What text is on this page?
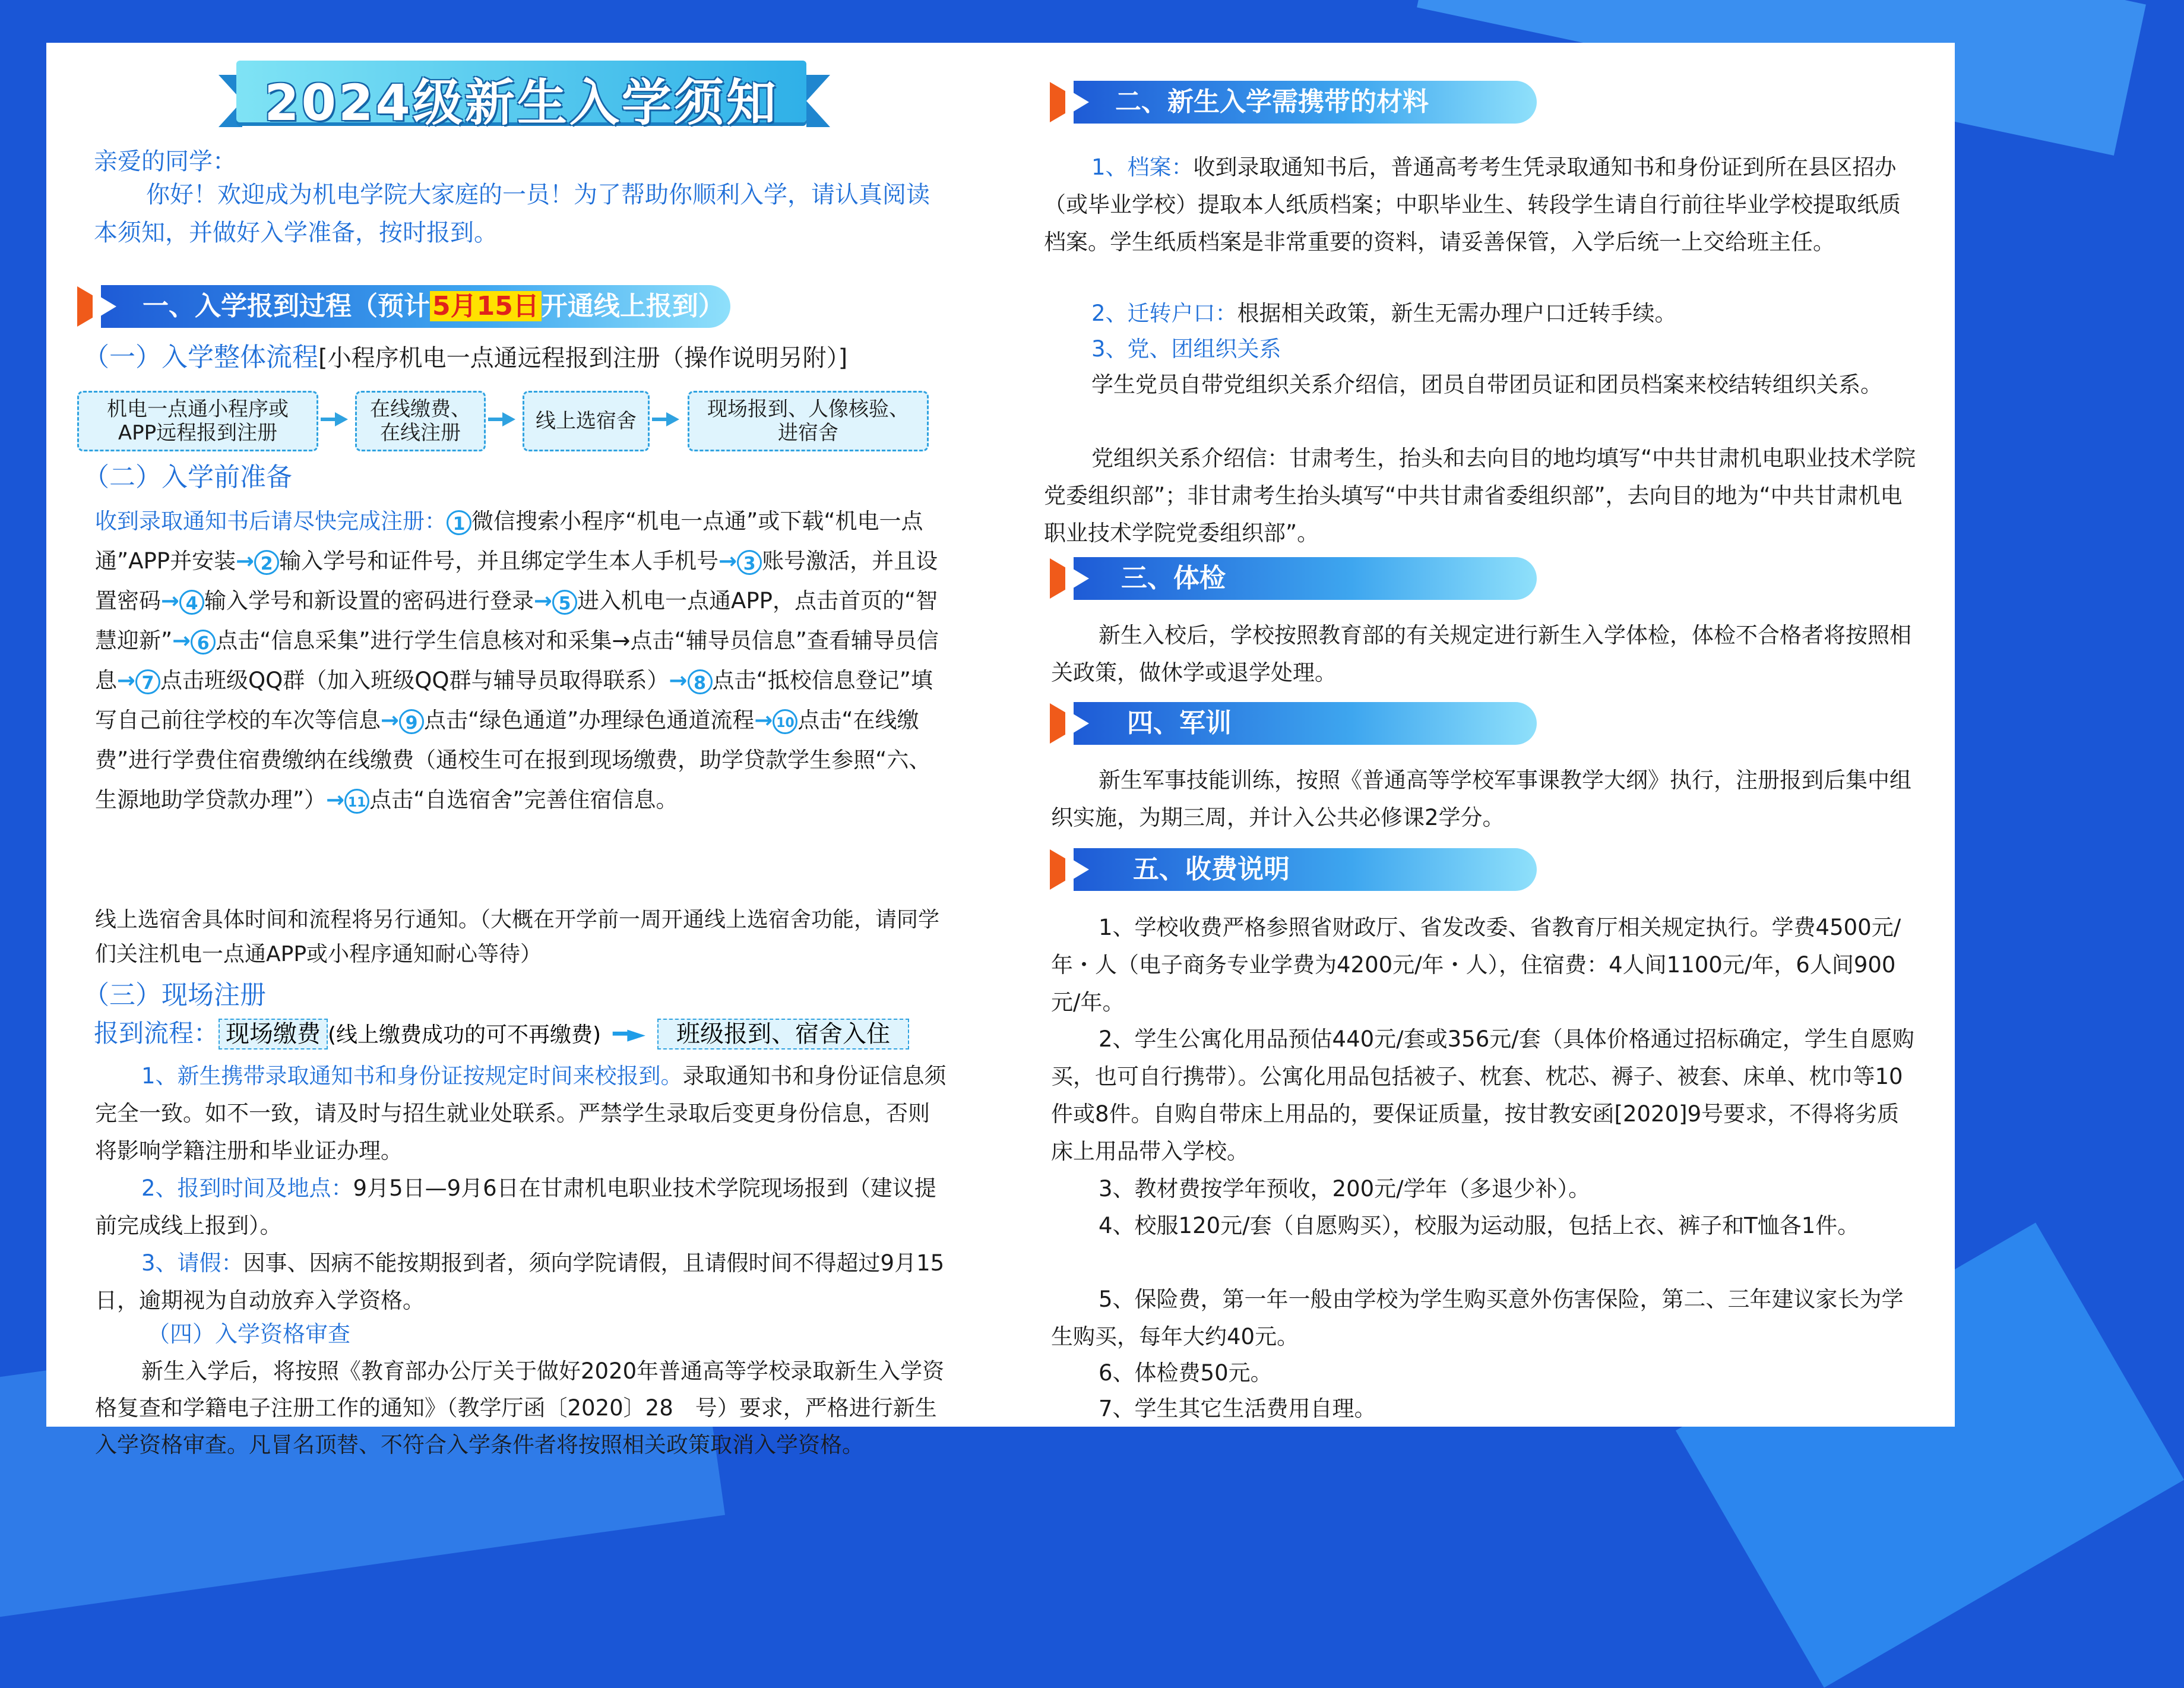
2024级新生入学须知
亲爱的同学：
你好！欢迎成为机电学院大家庭的一员！为了帮助你顺利入学，请认真阅读本须知，并做好入学准备，按时报到。
一、入学报到过程（预计5月15日开通线上报到）
（一）入学整体流程[小程序机电一点通远程报到注册（操作说明另附）]
机电一点通小程序或
APP远程报到注册
在线缴费、
在线注册	线上选宿舍	现场报到、人像核验、
进宿舍
（二）入学前准备
收到录取通知书后请尽快完成注册： 1 微信搜索小程序“机电一点通”或下载“机电一点通”APP并安装→ 2 输入学号和证件号，并且绑定学生本人手机号→ 3 账号激活，并且设置密码→ 4 输入学号和新设置的密码进行登录→ 5 进入机电一点通APP，点击首页的“智慧迎新”→ 6 点击“信息采集”进行学生信息核对和采集→点击“辅导员信息”查看辅导员信息→ 7 点击班级QQ群（加入班级QQ群与辅导员取得联系）→ 8 点击“抵校信息登记”填写自己前往学校的车次等信息→ 9 点击“绿色通道”办理绿色通道流程→ 10 点击“在线缴费”进行学费住宿费缴纳在线缴费（通校生可在报到现场缴费，助学贷款学生参照“六、生源地助学贷款办理”）→ 11 点击“自选宿舍”完善住宿信息。
线上选宿舍具体时间和流程将另行通知。（大概在开学前一周开通线上选宿舍功能，请同学们关注机电一点通APP或小程序通知耐心等待）
（三）现场注册
报到流程： 现场缴费 (线上缴费成功的可不再缴费) ━► 班级报到、宿舍入住
1、新生携带录取通知书和身份证按规定时间来校报到。录取通知书和身份证信息须完全一致。如不一致，请及时与招生就业处联系。严禁学生录取后变更身份信息，否则将影响学籍注册和毕业证办理。
2、报到时间及地点：9月5日—9月6日在甘肃机电职业技术学院现场报到（建议提前完成线上报到）。
3、请假：因事、因病不能按期报到者，须向学院请假，且请假时间不得超过9月15日，逾期视为自动放弃入学资格。
（四）入学资格审查
新生入学后，将按照《教育部办公厅关于做好2020年普通高等学校录取新生入学资格复查和学籍电子注册工作的通知》（教学厅函〔2020〕28　号）要求，严格进行新生入学资格审查。凡冒名顶替、不符合入学条件者将按照相关政策取消入学资格。
二、新生入学需携带的材料
1、档案：收到录取通知书后，普通高考考生凭录取通知书和身份证到所在县区招办（或毕业学校）提取本人纸质档案；中职毕业生、转段学生请自行前往毕业学校提取纸质档案。学生纸质档案是非常重要的资料，请妥善保管，入学后统一上交给班主任。
2、迁转户口：根据相关政策，新生无需办理户口迁转手续。
3、党、团组织关系
学生党员自带党组织关系介绍信，团员自带团员证和团员档案来校结转组织关系。
党组织关系介绍信：甘肃考生，抬头和去向目的地均填写“中共甘肃机电职业技术学院党委组织部”；非甘肃考生抬头填写“中共甘肃省委组织部”，去向目的地为“中共甘肃机电职业技术学院党委组织部”。
三、体检
新生入校后，学校按照教育部的有关规定进行新生入学体检，体检不合格者将按照相关政策，做休学或退学处理。
四、军训
新生军事技能训练，按照《普通高等学校军事课教学大纲》执行，注册报到后集中组织实施，为期三周，并计入公共必修课2学分。
五、收费说明
1、学校收费严格参照省财政厅、省发改委、省教育厅相关规定执行。学费4500元/年・人（电子商务专业学费为4200元/年・人），住宿费：4人间1100元/年，6人间900元/年。
2、学生公寓化用品预估440元/套或356元/套（具体价格通过招标确定，学生自愿购买，也可自行携带）。公寓化用品包括被子、枕套、枕芯、褥子、被套、床单、枕巾等10件或8件。自购自带床上用品的，要保证质量，按甘教安函[2020]9号要求，不得将劣质床上用品带入学校。
3、教材费按学年预收，200元/学年（多退少补）。
4、校服120元/套（自愿购买），校服为运动服，包括上衣、裤子和T恤各1件。
5、保险费，第一年一般由学校为学生购买意外伤害保险，第二、三年建议家长为学生购买，每年大约40元。
6、体检费50元。
7、学生其它生活费用自理。
